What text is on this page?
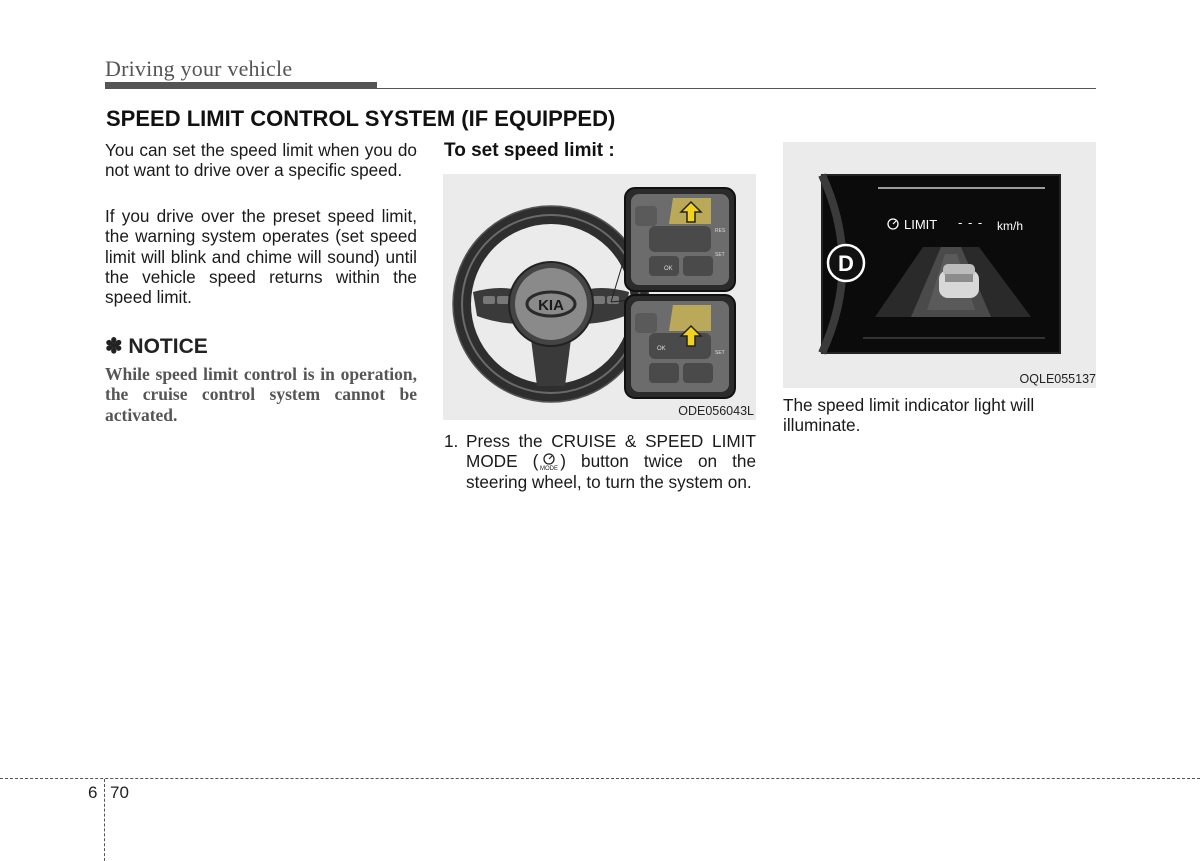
Driving your vehicle
SPEED LIMIT CONTROL SYSTEM (IF EQUIPPED)
You can set the speed limit when you do not want to drive over a specific speed.
If you drive over the preset speed limit, the warning system operates (set speed limit will blink and chime will sound) until the vehicle speed returns within the speed limit.
✽ NOTICE
While speed limit control is in operation, the cruise control system cannot be activated.
To set speed limit :
KIA
OK
SET
RES
OK
SET
ODE056043L
1. Press the CRUISE & SPEED LIMIT MODE ( MODE ) button twice on the steering wheel, to turn the system on.
LIMIT - - - km/h
D
OQLE055137
The speed limit indicator light will illuminate.
6 70
